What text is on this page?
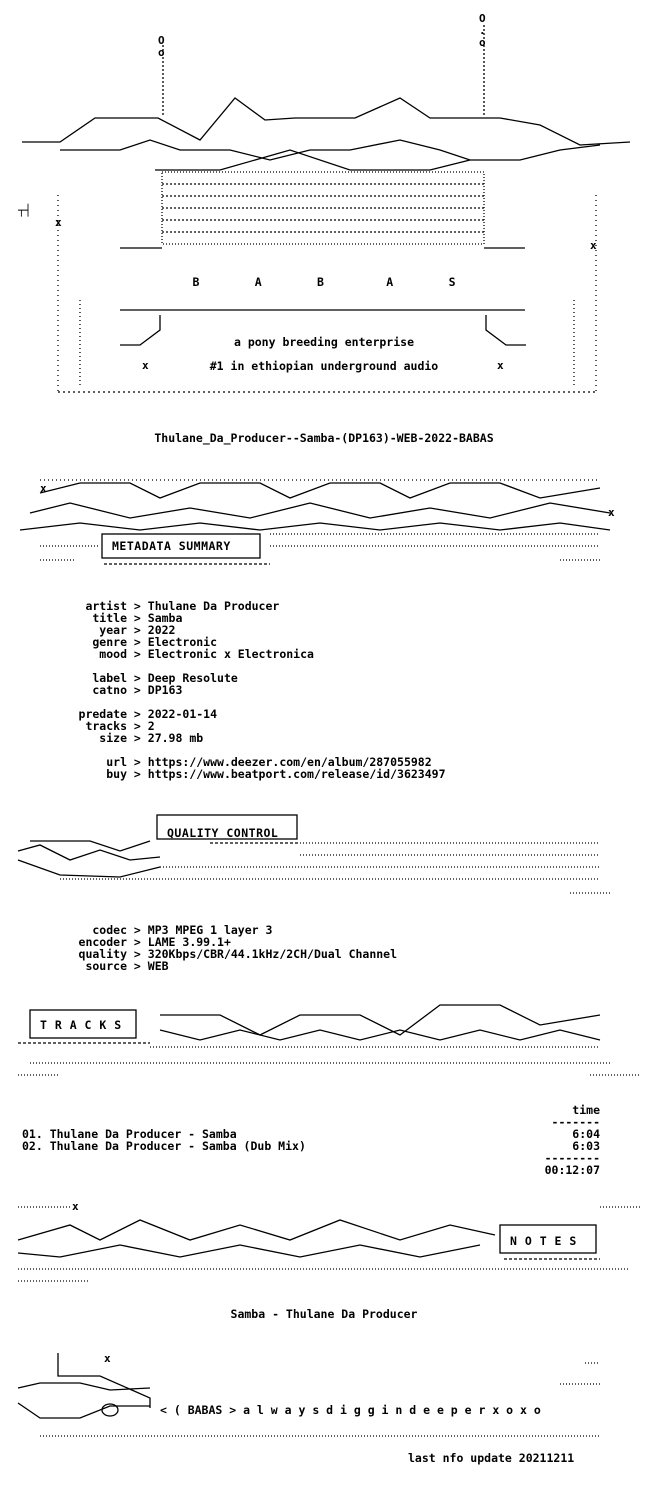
O
o
O
.
o
┬┤
x
x
x	x
B        A        B         A        S
a pony breeding enterprise
#1 in ethiopian underground audio
Thulane_Da_Producer--Samba-(DP163)-WEB-2022-BABAS
x
x
METADATA SUMMARY
artist > Thulane Da Producer
title > Samba
year > 2022
genre > Electronic
mood > Electronic x Electronica
label > Deep Resolute
catno > DP163
predate > 2022-01-14
tracks > 2
size > 27.98 mb
url > https://www.deezer.com/en/album/287055982
buy > https://www.beatport.com/release/id/3623497
QUALITY CONTROL
codec > MP3 MPEG 1 layer 3
encoder > LAME 3.99.1+
quality > 320Kbps/CBR/44.1kHz/2CH/Dual Channel
source > WEB
T R A C K S
time
-------
01. Thulane Da Producer - Samba	6:04
02. Thulane Da Producer - Samba (Dub Mix)	6:03
--------
00:12:07
x
N O T E S
Samba - Thulane Da Producer
x
< ( BABAS > a l w a y s d i g g i n d e e p e r x o x o
last nfo update 20211211
